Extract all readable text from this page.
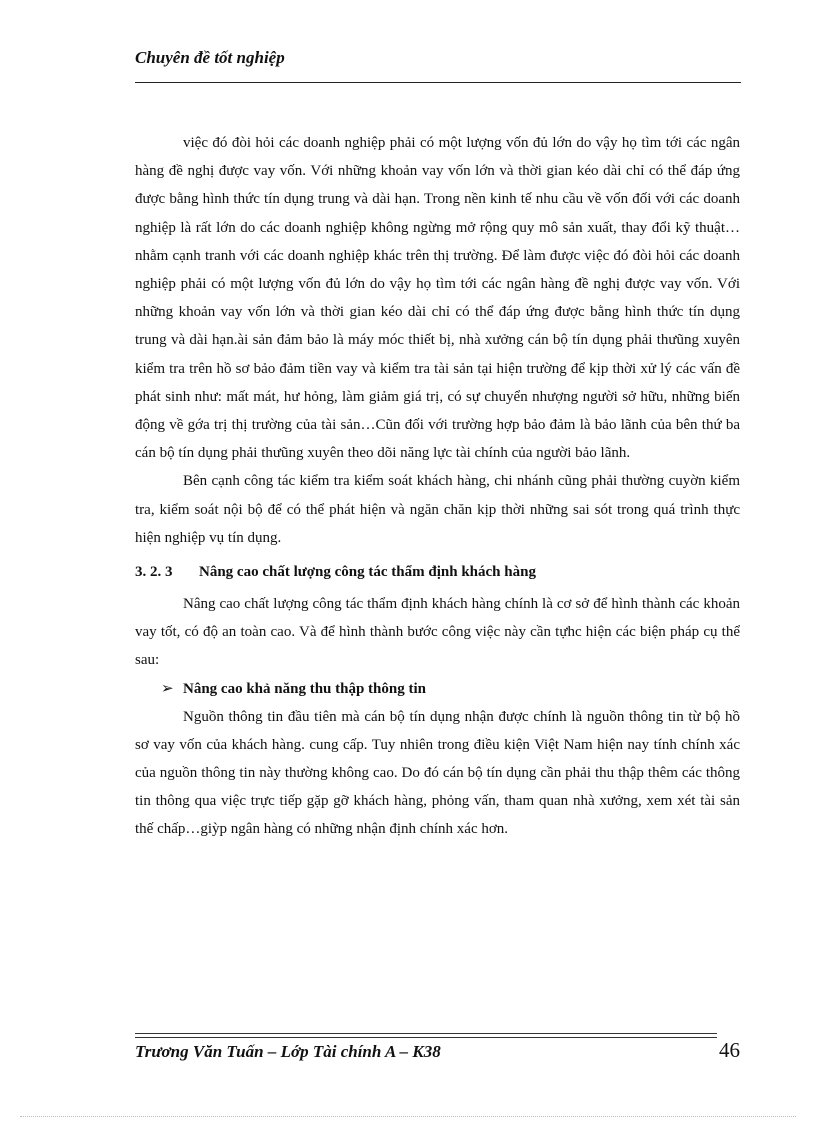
Chuyên đề tốt nghiệp

việc đó đòi hỏi các doanh nghiệp phải có một lượng vốn đủ lớn do vậy họ tìm tới các ngân hàng đề nghị được vay vốn. Với những khoản vay vốn lớn và thời gian kéo dài chỉ có thể đáp ứng được bằng hình thức tín dụng trung và dài hạn. Trong nền kinh tế nhu cầu về vốn đối với các doanh nghiệp là rất lớn do các doanh nghiệp không ngừng mở rộng quy mô sản xuất, thay đổi kỹ thuật… nhằm cạnh tranh với các doanh nghiệp khác trên thị trường. Để làm được việc đó đòi hỏi các doanh nghiệp phải có một lượng vốn đủ lớn do vậy họ tìm tới các ngân hàng đề nghị được vay vốn. Với những khoản vay vốn lớn và thời gian kéo dài chỉ có thể đáp ứng được bằng hình thức tín dụng trung và dài hạn.ài sản đảm bảo là máy móc thiết bị, nhà xưởng cán bộ tín dụng phải thưũng xuyên kiểm tra trên hồ sơ bảo đảm tiền vay và kiểm tra tài sản tại hiện trường để kịp thời xử lý các vấn đề phát sinh như: mất mát, hư hỏng, làm giảm giá trị, có sự chuyển nhượng người sở hữu, những biến động về gớa trị thị trường của tài sản…Cũn đối với trường hợp bảo đảm là bảo lãnh của bên thứ ba cán bộ tín dụng phải thưũng xuyên theo dõi năng lực tài chính của người bảo lãnh.

Bên cạnh công tác kiểm tra kiểm soát khách hàng, chi nhánh cũng phải thường cuyờn kiểm tra, kiểm soát nội bộ để có thể phát hiện và ngăn chăn kịp thời những sai sót trong quá trình thực hiện nghiệp vụ tín dụng.

3. 2. 3 Nâng cao chất lượng công tác thẩm định khách hàng

Nâng cao chất lượng công tác thẩm định khách hàng chính là cơ sở để hình thành các khoản vay tốt, có độ an toàn cao. Và để hình thành bước công việc này cần tựhc hiện các biện pháp cụ thể sau:

➢ Nâng cao khả năng thu thập thông tin

Nguồn thông tin đầu tiên mà cán bộ tín dụng nhận được chính là nguồn thông tin từ bộ hồ sơ vay vốn của khách hàng. cung cấp. Tuy nhiên trong điều kiện Việt Nam hiện nay tính chính xác của nguồn thông tin này thường không cao. Do đó cán bộ tín dụng cần phải thu thập thêm các thông tin thông qua việc trực tiếp gặp gỡ khách hàng, phỏng vấn, tham quan nhà xưởng, xem xét tài sản thế chấp…giỳp ngân hàng có những nhận định chính xác hơn.

Trương Văn Tuấn – Lớp Tài chính A – K38	46
